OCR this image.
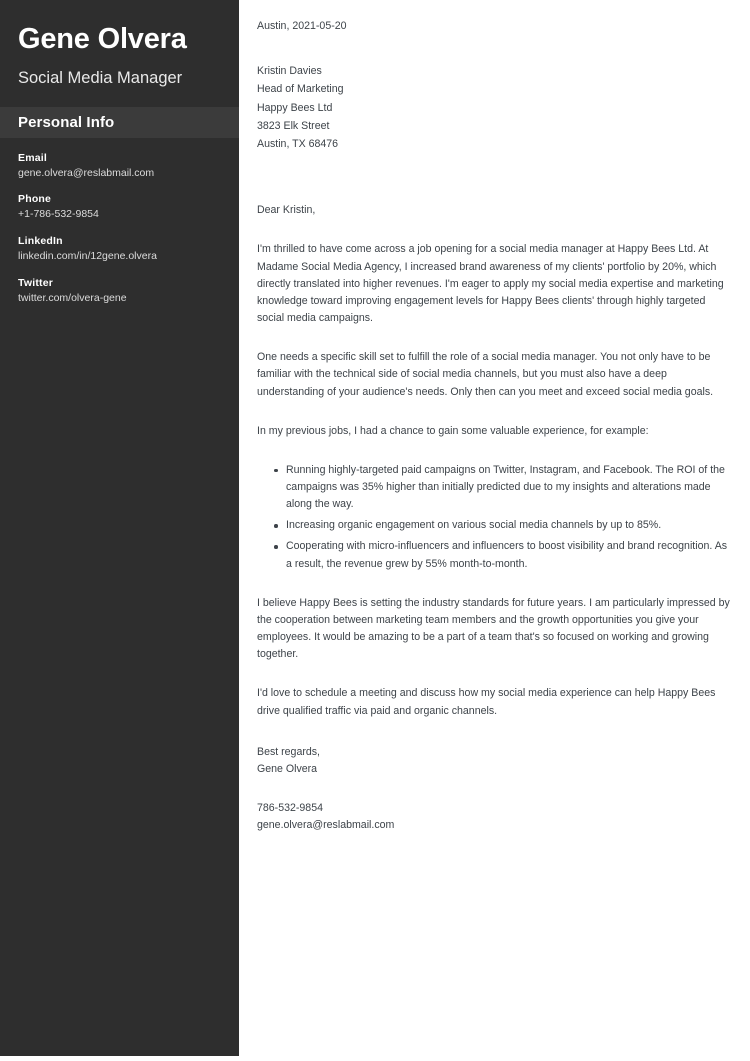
Gene Olvera
Social Media Manager
Personal Info
Email
gene.olvera@reslabmail.com
Phone
+1-786-532-9854
LinkedIn
linkedin.com/in/12gene.olvera
Twitter
twitter.com/olvera-gene
Austin, 2021-05-20
Kristin Davies
Head of Marketing
Happy Bees Ltd
3823 Elk Street
Austin, TX 68476
Dear Kristin,

I'm thrilled to have come across a job opening for a social media manager at Happy Bees Ltd. At Madame Social Media Agency, I increased brand awareness of my clients' portfolio by 20%, which directly translated into higher revenues. I'm eager to apply my social media expertise and marketing knowledge toward improving engagement levels for Happy Bees clients' through highly targeted social media campaigns.

One needs a specific skill set to fulfill the role of a social media manager. You not only have to be familiar with the technical side of social media channels, but you must also have a deep understanding of your audience's needs. Only then can you meet and exceed social media goals.

In my previous jobs, I had a chance to gain some valuable experience, for example:

Running highly-targeted paid campaigns on Twitter, Instagram, and Facebook. The ROI of the campaigns was 35% higher than initially predicted due to my insights and alterations made along the way.
Increasing organic engagement on various social media channels by up to 85%.
Cooperating with micro-influencers and influencers to boost visibility and brand recognition. As a result, the revenue grew by 55% month-to-month.

I believe Happy Bees is setting the industry standards for future years. I am particularly impressed by the cooperation between marketing team members and the growth opportunities you give your employees. It would be amazing to be a part of a team that's so focused on working and growing together.

I'd love to schedule a meeting and discuss how my social media experience can help Happy Bees drive qualified traffic via paid and organic channels.

Best regards,
Gene Olvera
786-532-9854
gene.olvera@reslabmail.com
